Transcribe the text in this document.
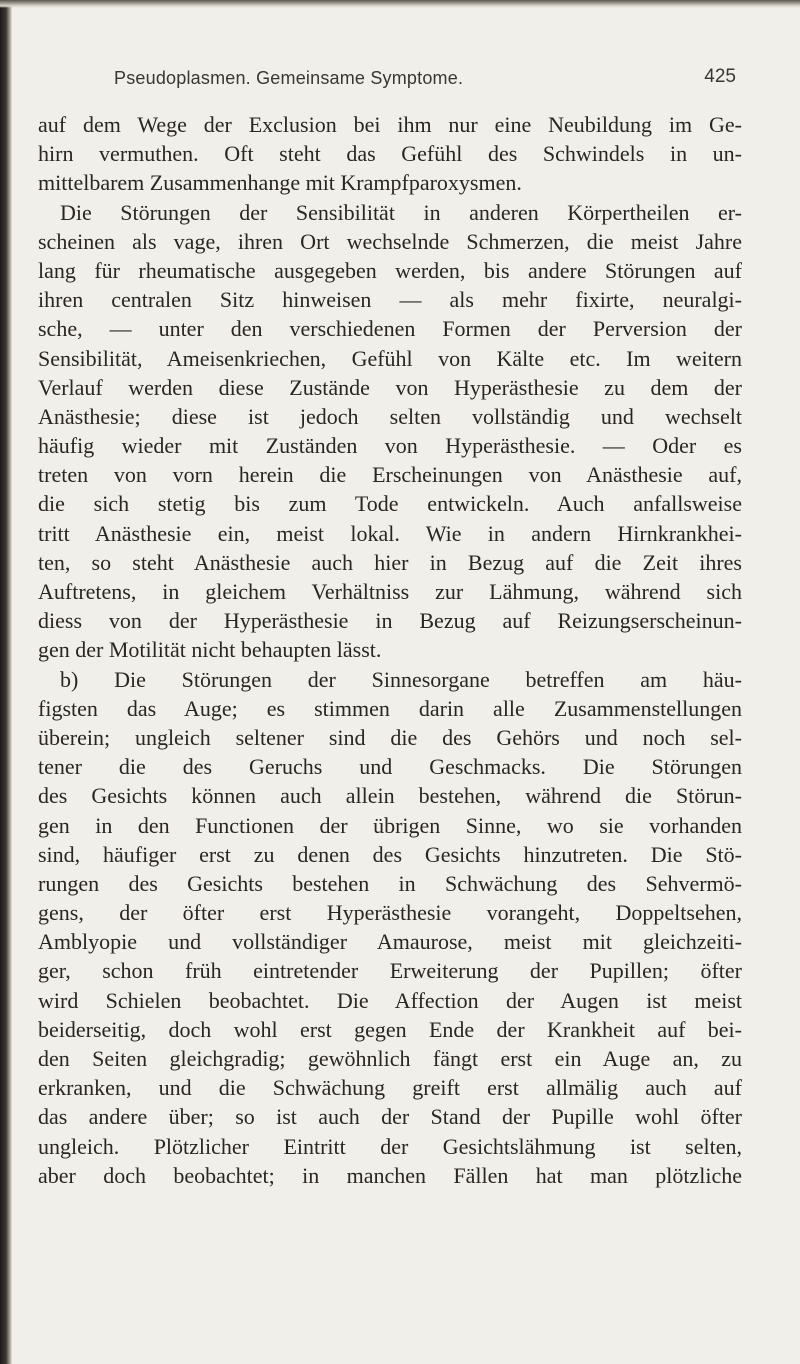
Pseudoplasmen. Gemeinsame Symptome.	425
auf dem Wege der Exclusion bei ihm nur eine Neubildung im Ge-
hirn vermuthen. Oft steht das Gefühl des Schwindels in un-
mittelbarem Zusammenhange mit Krampfparoxysmen.
Die Störungen der Sensibilität in anderen Körpertheilen er-
scheinen als vage, ihren Ort wechselnde Schmerzen, die meist Jahre
lang für rheumatische ausgegeben werden, bis andere Störungen auf
ihren centralen Sitz hinweisen — als mehr fixirte, neuralgi-
sche, — unter den verschiedenen Formen der Perversion der
Sensibilität, Ameisenkriechen, Gefühl von Kälte etc. Im weitern
Verlauf werden diese Zustände von Hyperästhesie zu dem der
Anästhesie; diese ist jedoch selten vollständig und wechselt
häufig wieder mit Zuständen von Hyperästhesie. — Oder es
treten von vorn herein die Erscheinungen von Anästhesie auf,
die sich stetig bis zum Tode entwickeln. Auch anfallsweise
tritt Anästhesie ein, meist lokal. Wie in andern Hirnkrankhei-
ten, so steht Anästhesie auch hier in Bezug auf die Zeit ihres
Auftretens, in gleichem Verhältniss zur Lähmung, während sich
diess von der Hyperästhesie in Bezug auf Reizungserscheinun-
gen der Motilität nicht behaupten lässt.
b) Die Störungen der Sinnesorgane betreffen am häu-
figsten das Auge; es stimmen darin alle Zusammenstellungen
überein; ungleich seltener sind die des Gehörs und noch sel-
tener die des Geruchs und Geschmacks. Die Störungen
des Gesichts können auch allein bestehen, während die Störun-
gen in den Functionen der übrigen Sinne, wo sie vorhanden
sind, häufiger erst zu denen des Gesichts hinzutreten. Die Stö-
rungen des Gesichts bestehen in Schwächung des Sehvermö-
gens, der öfter erst Hyperästhesie vorangeht, Doppeltsehen,
Amblyopie und vollständiger Amaurose, meist mit gleichzeiti-
ger, schon früh eintretender Erweiterung der Pupillen; öfter
wird Schielen beobachtet. Die Affection der Augen ist meist
beiderseitig, doch wohl erst gegen Ende der Krankheit auf bei-
den Seiten gleichgradig; gewöhnlich fängt erst ein Auge an, zu
erkranken, und die Schwächung greift erst allmälig auch auf
das andere über; so ist auch der Stand der Pupille wohl öfter
ungleich. Plötzlicher Eintritt der Gesichtslähmung ist selten,
aber doch beobachtet; in manchen Fällen hat man plötzliche
